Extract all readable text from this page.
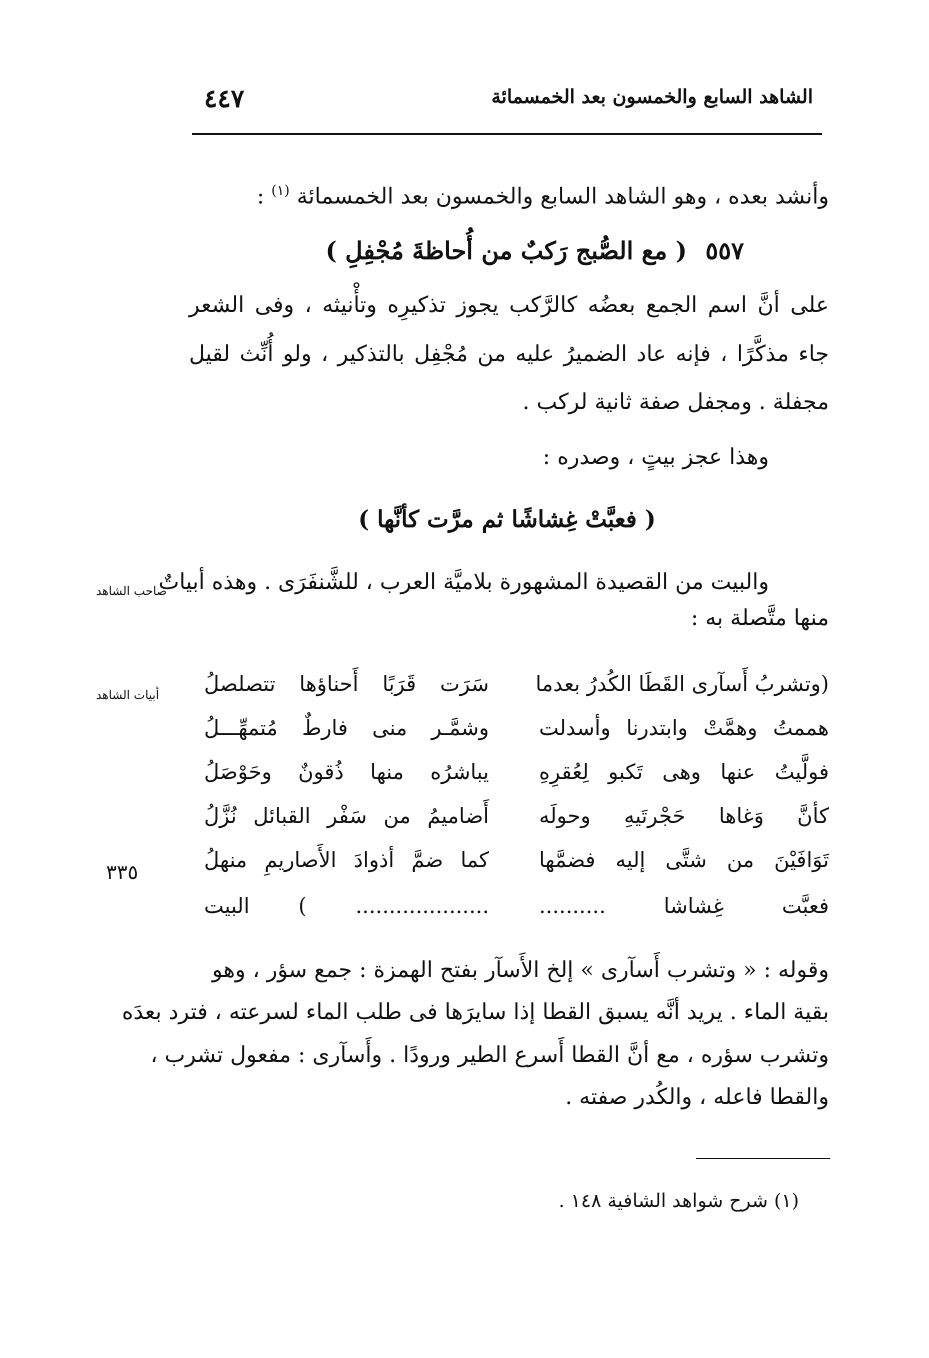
٤٤٧	الشاهد السابع والخمسون بعد الخمسمائة
وأنشد بعده ، وهو الشاهد السابع والخمسون بعد الخمسمائة $^{(١)}$ :
٥٥٧ ( مع الصُّبج رَكبٌ من أُحاظةَ مُجْفِلِ )
على أنَّ اسم الجمع بعضُه كالرَّكب يجوز تذكيرِه وتأْنيثه ، وفى الشعر
جاء مذكَّرًا ، فإنه عاد الضميرُ عليه من مُجْفِل بالتذكير ، ولو أُنِّث لقيل
مجفلة . ومجفل صفة ثانية لركب .
وهذا عجز بيتٍ ، وصدره :
( فعبَّتْ غِشاشًا ثم مرَّت كأنَّها )
والبيت من القصيدة المشهورة بلاميَّة العرب ، للشَّنفَرَى . وهذه أبياتٌ
صاحب الشاهد
منها متَّصلة به :
أبيات الشاهد	(وتشربُ أَسآرى القَطَا الكُدرُ بعدما
سَرَت قَرَبًا أَحناؤها تتصلصلُ
هممتُ وهمَّتْ وابتدرنا وأسدلت
وشمَّـر منى فارطٌ مُتمهِّـــلُ
فولَّيتُ عنها وهى تَكبو لِعُقرِهِ
يباشرُه منها ذُقونٌ وحَوْصَلُ
كأنَّ وَغاها حَجْرتَيهِ وحولَه
أَضاميمُ من سَفْر القبائل نُزَّلُ
تَوَافَيْنَ من شتَّى إليه فضمَّها
كما ضمَّ أذوادَ الأَصاريمِ منهلُ
٣٣٥
فعبَّت غِشاشا ..........
.................... ) البيت
وقوله : « وتشرب أَسآرى » إلخ الأَسآر بفتح الهمزة : جمع سؤر ، وهو
بقية الماء . يريد أنَّه يسبق القطا إذا سايرَها فى طلب الماء لسرعته ، فترد بعدَه
وتشرب سؤره ، مع أنَّ القطا أَسرع الطير ورودًا . وأَسآرى : مفعول تشرب ،
والقطا فاعله ، والكُدر صفته .
(١) شرح شواهد الشافية ١٤٨ .
